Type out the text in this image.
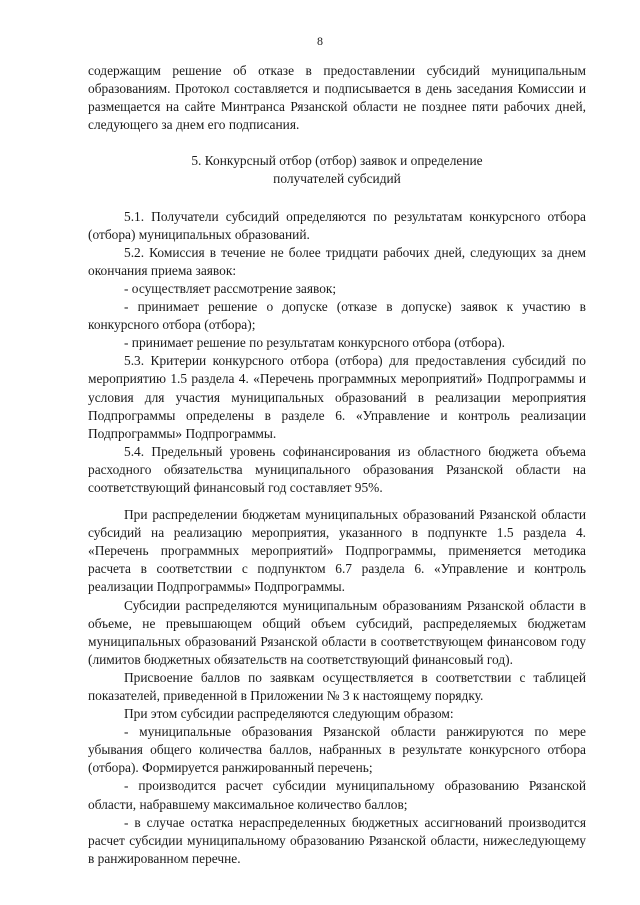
8

содержащим решение об отказе в предоставлении субсидий муниципальным образованиям. Протокол составляется и подписывается в день заседания Комиссии и размещается на сайте Минтранса Рязанской области не позднее пяти рабочих дней, следующего за днем его подписания.

5. Конкурсный отбор (отбор) заявок и определение
получателей субсидий

5.1. Получатели субсидий определяются по результатам конкурсного отбора (отбора) муниципальных образований.

5.2. Комиссия в течение не более тридцати рабочих дней, следующих за днем окончания приема заявок:

- осуществляет рассмотрение заявок;

- принимает решение о допуске (отказе в допуске) заявок к участию в конкурсного отбора (отбора);

- принимает решение по результатам конкурсного отбора (отбора).

5.3. Критерии конкурсного отбора (отбора) для предоставления субсидий по мероприятию 1.5 раздела 4. «Перечень программных мероприятий» Подпрограммы и условия для участия муниципальных образований в реализации мероприятия Подпрограммы определены в разделе 6. «Управление и контроль реализации Подпрограммы» Подпрограммы.

5.4. Предельный уровень софинансирования из областного бюджета объема расходного обязательства муниципального образования Рязанской области на соответствующий финансовый год составляет 95%.

При распределении бюджетам муниципальных образований Рязанской области субсидий на реализацию мероприятия, указанного в подпункте 1.5 раздела 4. «Перечень программных мероприятий» Подпрограммы, применяется методика расчета в соответствии с подпунктом 6.7 раздела 6. «Управление и контроль реализации Подпрограммы» Подпрограммы.

Субсидии распределяются муниципальным образованиям Рязанской области в объеме, не превышающем общий объем субсидий, распределяемых бюджетам муниципальных образований Рязанской области в соответствующем финансовом году (лимитов бюджетных обязательств на соответствующий финансовый год).

Присвоение баллов по заявкам осуществляется в соответствии с таблицей показателей, приведенной в Приложении № 3 к настоящему порядку.

При этом субсидии распределяются следующим образом:

- муниципальные образования Рязанской области ранжируются по мере убывания общего количества баллов, набранных в результате конкурсного отбора (отбора). Формируется ранжированный перечень;

- производится расчет субсидии муниципальному образованию Рязанской области, набравшему максимальное количество баллов;

- в случае остатка нераспределенных бюджетных ассигнований производится расчет субсидии муниципальному образованию Рязанской области, нижеследующему в ранжированном перечне.
